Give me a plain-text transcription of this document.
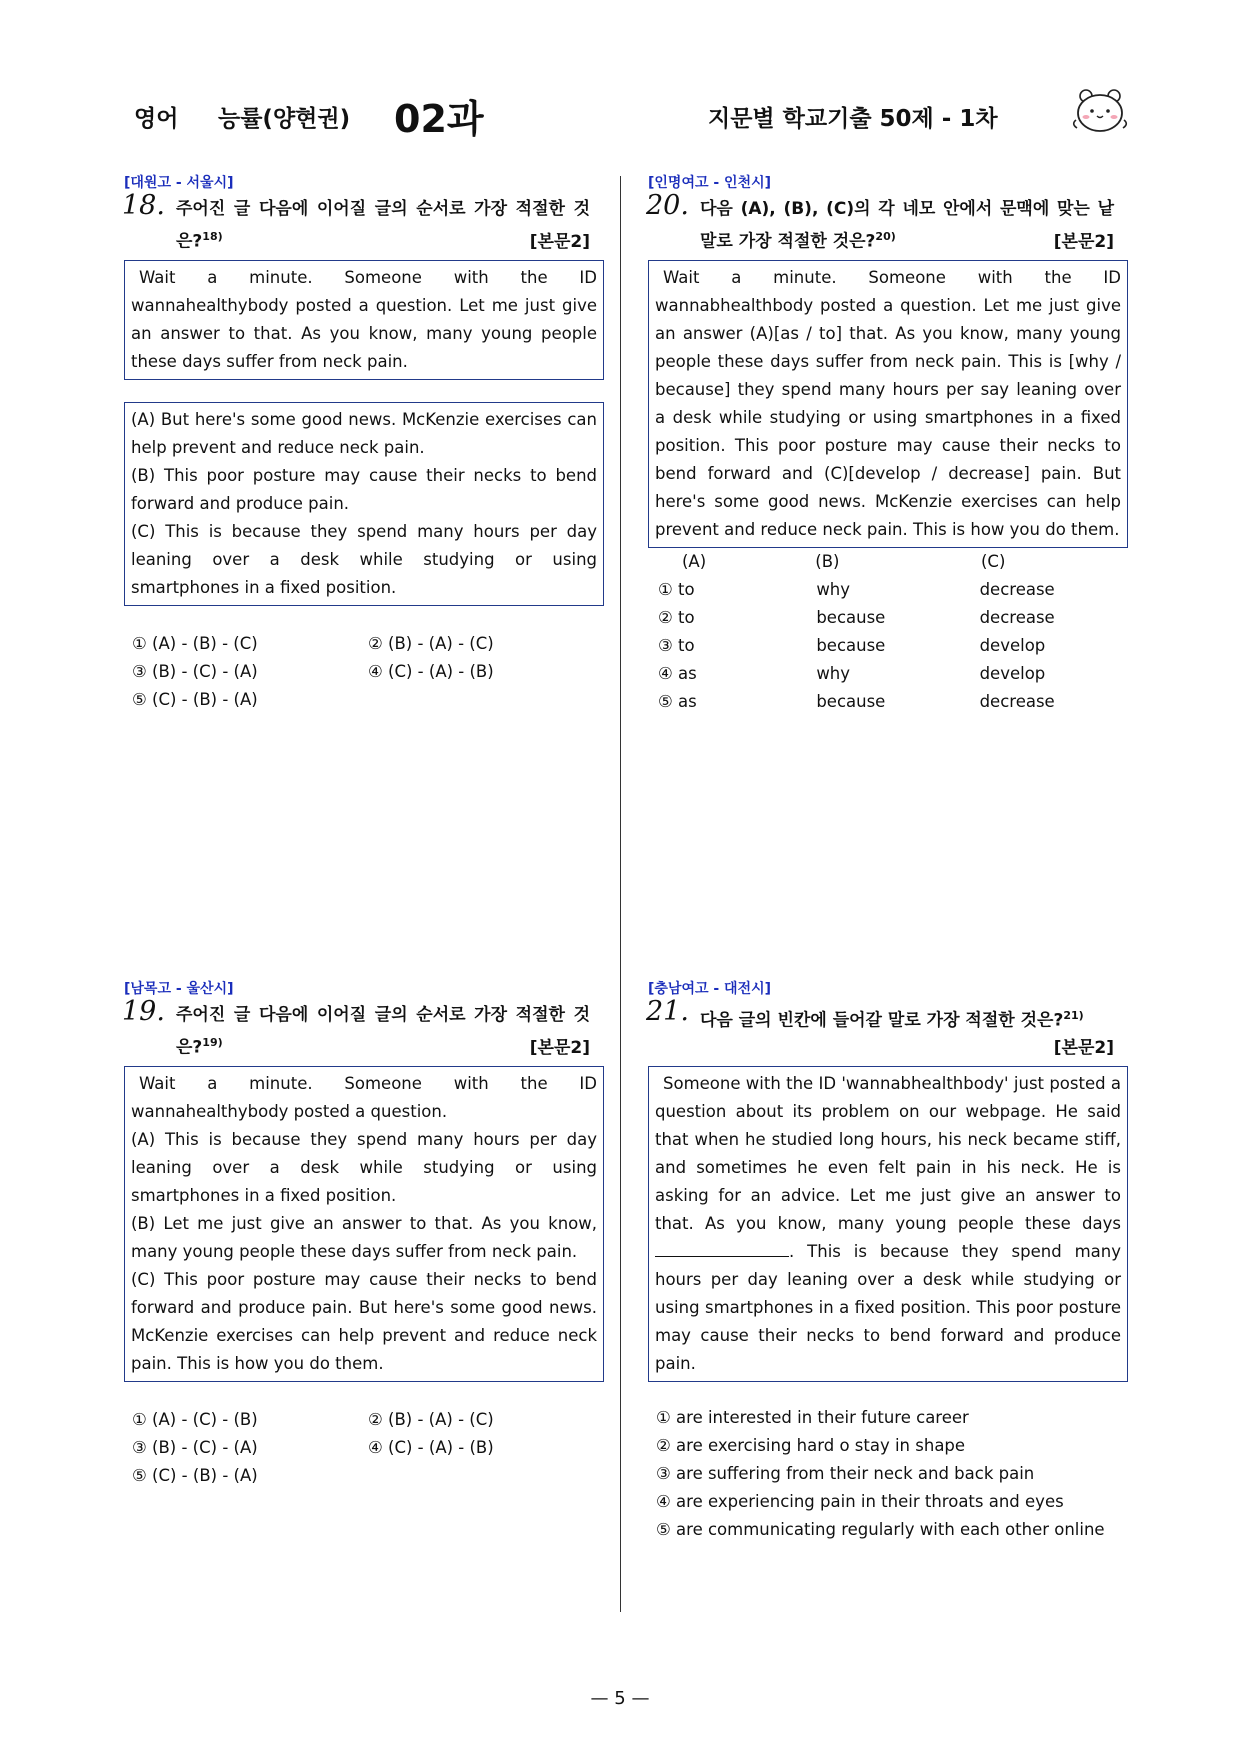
영어 능률(양현권) 02과	지문별 학교기출 50제 - 1차
[대원고 - 서울시]
18. 주어진 글 다음에 이어질 글의 순서로 가장 적절한 것은?$^{18)}$	[본문2]

Wait a minute. Someone with the ID wannahealthybody posted a question. Let me just give an answer to that. As you know, many young people these days suffer from neck pain.

(A) But here's some good news. McKenzie exercises can help prevent and reduce neck pain.

(B) This poor posture may cause their necks to bend forward and produce pain.

(C) This is because they spend many hours per day leaning over a desk while studying or using smartphones in a fixed position.

① (A) - (B) - (C)	② (B) - (A) - (C)
③ (B) - (C) - (A)	④ (C) - (A) - (B)
⑤ (C) - (B) - (A)
[인명여고 - 인천시]
20. 다음 (A), (B), (C)의 각 네모 안에서 문맥에 맞는 낱말로 가장 적절한 것은?$^{20)}$	[본문2]

Wait a minute. Someone with the ID wannabhealthbody posted a question. Let me just give an answer (A)[as / to] that. As you know, many young people these days suffer from neck pain. This is [why / because] they spend many hours per say leaning over a desk while studying or using smartphones in a fixed position. This poor posture may cause their necks to bend forward and (C)[develop / decrease] pain. But here's some good news. McKenzie exercises can help prevent and reduce neck pain. This is how you do them.

(A)	(B)	(C)
① to	why	decrease
② to	because	decrease
③ to	because	develop
④ as	why	develop
⑤ as	because	decrease
[남목고 - 울산시]
19. 주어진 글 다음에 이어질 글의 순서로 가장 적절한 것은?$^{19)}$	[본문2]

Wait a minute. Someone with the ID wannahealthybody posted a question.

(A) This is because they spend many hours per day leaning over a desk while studying or using smartphones in a fixed position.

(B) Let me just give an answer to that. As you know, many young people these days suffer from neck pain.

(C) This poor posture may cause their necks to bend forward and produce pain. But here's some good news. McKenzie exercises can help prevent and reduce neck pain. This is how you do them.

① (A) - (C) - (B)	② (B) - (A) - (C)
③ (B) - (C) - (A)	④ (C) - (A) - (B)
⑤ (C) - (B) - (A)
[충남여고 - 대전시]
21. 다음 글의 빈칸에 들어갈 말로 가장 적절한 것은?$^{21)}$
[본문2]

Someone with the ID 'wannabhealthbody' just posted a question about its problem on our webpage. He said that when he studied long hours, his neck became stiff, and sometimes he even felt pain in his neck. He is asking for an advice. Let me just give an answer to that. As you know, many young people these days . This is because they spend many hours per day leaning over a desk while studying or using smartphones in a fixed position. This poor posture may cause their necks to bend forward and produce pain.

① are interested in their future career
② are exercising hard o stay in shape
③ are suffering from their neck and back pain
④ are experiencing pain in their throats and eyes
⑤ are communicating regularly with each other online
— 5 —
